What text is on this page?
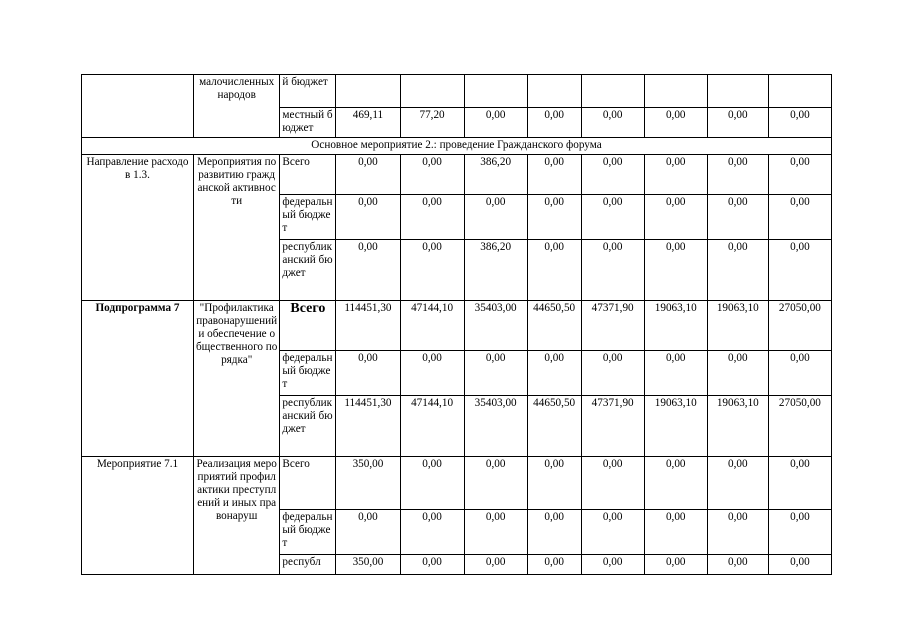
	малочисленных народов	й бюджет								
		местный бюджет	469,11	77,20	0,00	0,00	0,00	0,00	0,00	0,00
Основное мероприятие 2.: проведение Гражданского форума										
Направление расходов 1.3.	Мероприятия по развитию гражданской активности	Всего	0,00	0,00	386,20	0,00	0,00	0,00	0,00	0,00
		федеральный бюджет	0,00	0,00	0,00	0,00	0,00	0,00	0,00	0,00
		республиканский бюджет	0,00	0,00	386,20	0,00	0,00	0,00	0,00	0,00
Подпрограмма 7	"Профилактика правонарушений и обеспечение общественного порядка"	Всего	114451,30	47144,10	35403,00	44650,50	47371,90	19063,10	19063,10	27050,00
		федеральный бюджет	0,00	0,00	0,00	0,00	0,00	0,00	0,00	0,00
		республиканский бюджет	114451,30	47144,10	35403,00	44650,50	47371,90	19063,10	19063,10	27050,00
Мероприятие 7.1	Реализация мероприятий профилактики преступлений и иных правонаруш	Всего	350,00	0,00	0,00	0,00	0,00	0,00	0,00	0,00
		федеральный бюджет	0,00	0,00	0,00	0,00	0,00	0,00	0,00	0,00
		республ	350,00	0,00	0,00	0,00	0,00	0,00	0,00	0,00
